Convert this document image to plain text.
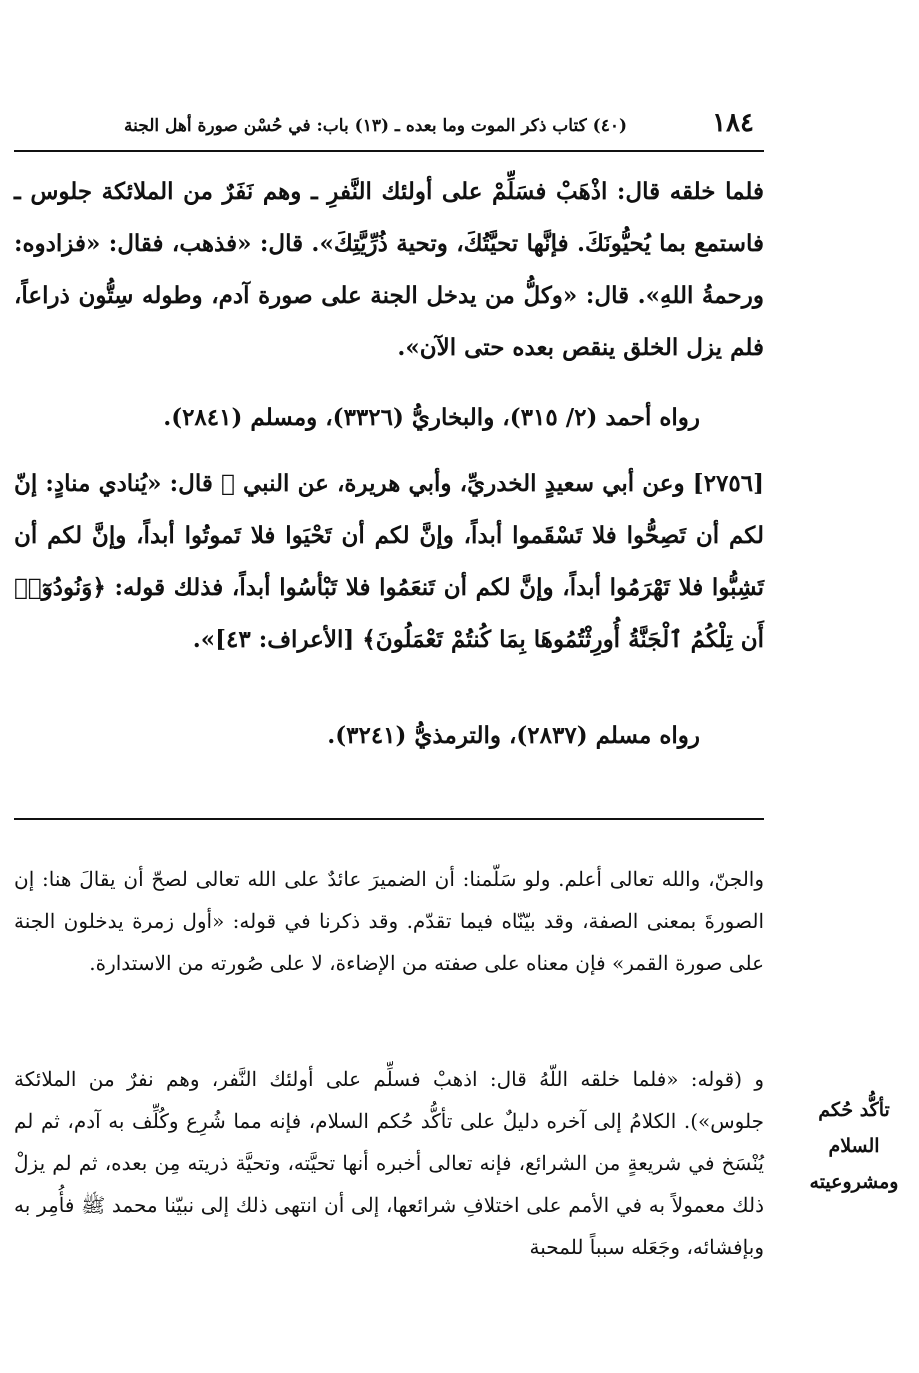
١٨٤
(٤٠) كتاب ذكر الموت وما بعده ـ (١٣) باب: في حُسْن صورة أهل الجنة
فلما خلقه قال: اذْهَبْ فسَلِّمْ على أولئك النَّفرِ ـ وهم نَفَرٌ من الملائكة جلوس ـ فاستمع بما يُحيُّونَكَ. فإنَّها تحيَّتُكَ، وتحية ذُرِّيَّتِكَ». قال: «فذهب، فقال: «فزادوه: ورحمةُ اللهِ». قال: «وكلُّ من يدخل الجنة على صورة آدم، وطوله سِتُّون ذراعاً، فلم يزل الخلق ينقص بعده حتى الآن».
رواه أحمد (٢/ ٣١٥)، والبخاريُّ (٣٣٢٦)، ومسلم (٢٨٤١).
[٢٧٥٦] وعن أبي سعيدٍ الخدريِّ، وأبي هريرة، عن النبي ﷺ قال: «يُنادي منادٍ: إنّ لكم أن تَصِحُّوا فلا تَسْقَموا أبداً، وإنَّ لكم أن تَحْيَوا فلا تَموتُوا أبداً، وإنَّ لكم أن تَشِبُّوا فلا تَهْرَمُوا أبداً، وإنَّ لكم أن تَنعَمُوا فلا تَبْأسُوا أبداً، فذلك قوله: ﴿وَنُودُوٓا۟ أَن تِلْكُمُ ٱلْجَنَّةُ أُورِثْتُمُوهَا بِمَا كُنتُمْ تَعْمَلُونَ﴾ [الأعراف: ٤٣]».
رواه مسلم (٢٨٣٧)، والترمذيُّ (٣٢٤١).
والجنّ، والله تعالى أعلم. ولو سَلّمنا: أن الضميرَ عائدٌ على الله تعالى لصحّ أن يقالَ هنا: إن الصورةَ بمعنى الصفة، وقد بيّنّاه فيما تقدّم. وقد ذكرنا في قوله: «أول زمرة يدخلون الجنة على صورة القمر» فإن معناه على صفته من الإضاءة، لا على صُورته من الاستدارة.
و (قوله: «فلما خلقه اللّهُ قال: اذهبْ فسلِّم على أولئك النَّفر، وهم نفرٌ من الملائكة جلوس»). الكلامُ إلى آخره دليلٌ على تأكُّد حُكم السلام، فإنه مما شُرِع وكُلِّف به آدم، ثم لم يُنْسَخ في شريعةٍ من الشرائع، فإنه تعالى أخبره أنها تحيَّته، وتحيَّة ذريته مِن بعده، ثم لم يزلْ ذلك معمولاً به في الأمم على اختلافِ شرائعها، إلى أن انتهى ذلك إلى نبيّنا محمد ﷺ فأُمِر به وبإفشائه، وجَعَله سبباً للمحبة
تأكُّد حُكم
السلام
ومشروعيته
